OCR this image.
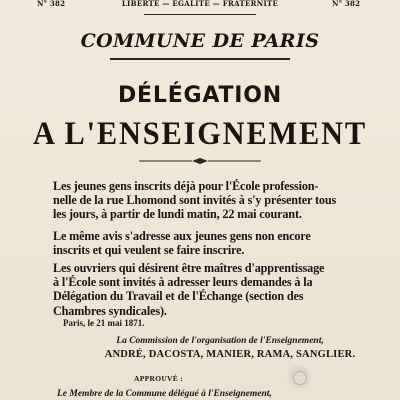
N° 382	LIBERTÉ — ÉGALITÉ — FRATERNITÉ	N° 382
COMMUNE DE PARIS
DÉLÉGATION
A L'ENSEIGNEMENT
Les jeunes gens inscrits déjà pour l'École profession-
nelle de la rue Lhomond sont invités à s'y présenter tous
les jours, à partir de lundi matin, 22 mai courant.
Le même avis s'adresse aux jeunes gens non encore
inscrits et qui veulent se faire inscrire.
Les ouvriers qui désirent être maîtres d'apprentissage
à l'École sont invités à adresser leurs demandes à la
Délégation du Travail et de l'Échange (section des
Chambres syndicales).
Paris, le 21 mai 1871.
La Commission de l'organisation de l'Enseignement,
ANDRÉ, DACOSTA, MANIER, RAMA, SANGLIER.
APPROUVÉ :
Le Membre de la Commune délégué à l'Enseignement,
